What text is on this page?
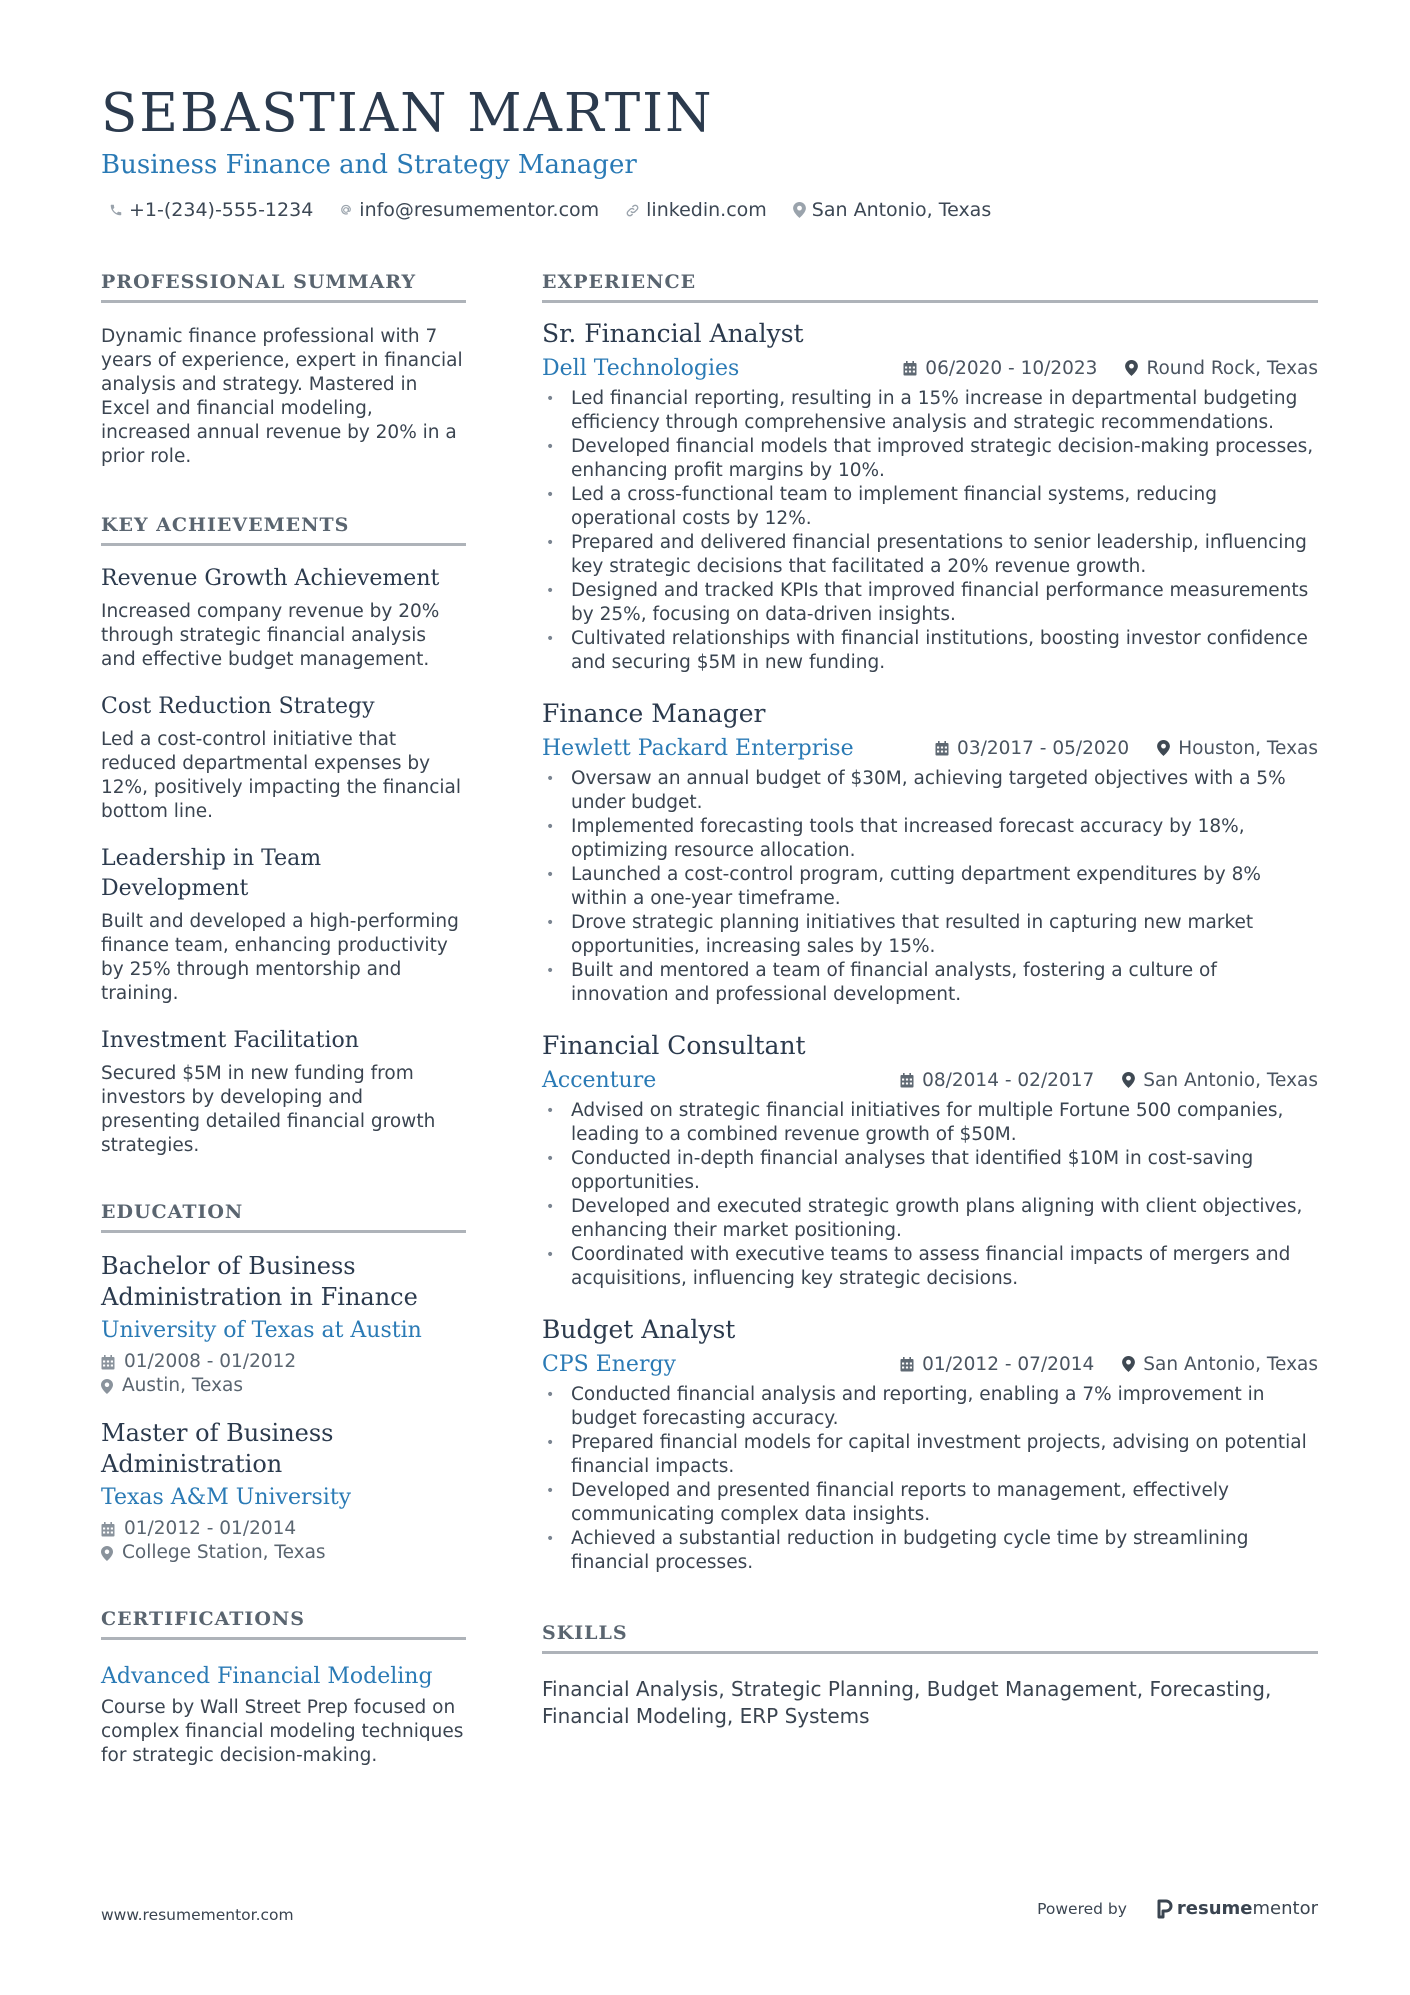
SEBASTIAN MARTIN
Business Finance and Strategy Manager
+1-(234)-555-1234 info@resumementor.com linkedin.com San Antonio, Texas
PROFESSIONAL SUMMARY

Dynamic finance professional with 7 years of experience, expert in financial analysis and strategy. Mastered in Excel and financial modeling, increased annual revenue by 20% in a prior role.

KEY ACHIEVEMENTS
Revenue Growth Achievement

Increased company revenue by 20% through strategic financial analysis and effective budget management.

Cost Reduction Strategy

Led a cost-control initiative that reduced departmental expenses by 12%, positively impacting the financial bottom line.

Leadership in Team Development

Built and developed a high-performing finance team, enhancing productivity by 25% through mentorship and training.

Investment Facilitation

Secured $5M in new funding from investors by developing and presenting detailed financial growth strategies.

EDUCATION
Bachelor of Business Administration in Finance
University of Texas at Austin
01/2008 - 01/2012
Austin, Texas
Master of Business Administration
Texas A&M University
01/2012 - 01/2014
College Station, Texas
CERTIFICATIONS
Advanced Financial Modeling

Course by Wall Street Prep focused on complex financial modeling techniques for strategic decision-making.

EXPERIENCE
Sr. Financial Analyst
Dell Technologies	06/2020 - 10/2023	Round Rock, Texas
• Led financial reporting, resulting in a 15% increase in departmental budgeting efficiency through comprehensive analysis and strategic recommendations.
• Developed financial models that improved strategic decision-making processes, enhancing profit margins by 10%.
• Led a cross-functional team to implement financial systems, reducing operational costs by 12%.
• Prepared and delivered financial presentations to senior leadership, influencing key strategic decisions that facilitated a 20% revenue growth.
• Designed and tracked KPIs that improved financial performance measurements by 25%, focusing on data-driven insights.
• Cultivated relationships with financial institutions, boosting investor confidence and securing $5M in new funding.
Finance Manager
Hewlett Packard Enterprise	03/2017 - 05/2020	Houston, Texas
• Oversaw an annual budget of $30M, achieving targeted objectives with a 5% under budget.
• Implemented forecasting tools that increased forecast accuracy by 18%, optimizing resource allocation.
• Launched a cost-control program, cutting department expenditures by 8% within a one-year timeframe.
• Drove strategic planning initiatives that resulted in capturing new market opportunities, increasing sales by 15%.
• Built and mentored a team of financial analysts, fostering a culture of innovation and professional development.
Financial Consultant
Accenture	08/2014 - 02/2017	San Antonio, Texas
• Advised on strategic financial initiatives for multiple Fortune 500 companies, leading to a combined revenue growth of $50M.
• Conducted in-depth financial analyses that identified $10M in cost-saving opportunities.
• Developed and executed strategic growth plans aligning with client objectives, enhancing their market positioning.
• Coordinated with executive teams to assess financial impacts of mergers and acquisitions, influencing key strategic decisions.
Budget Analyst
CPS Energy	01/2012 - 07/2014	San Antonio, Texas
• Conducted financial analysis and reporting, enabling a 7% improvement in budget forecasting accuracy.
• Prepared financial models for capital investment projects, advising on potential financial impacts.
• Developed and presented financial reports to management, effectively communicating complex data insights.
• Achieved a substantial reduction in budgeting cycle time by streamlining financial processes.
SKILLS

Financial Analysis, Strategic Planning, Budget Management, Forecasting, Financial Modeling, ERP Systems

www.resumementor.com	Powered by	resume mentor
